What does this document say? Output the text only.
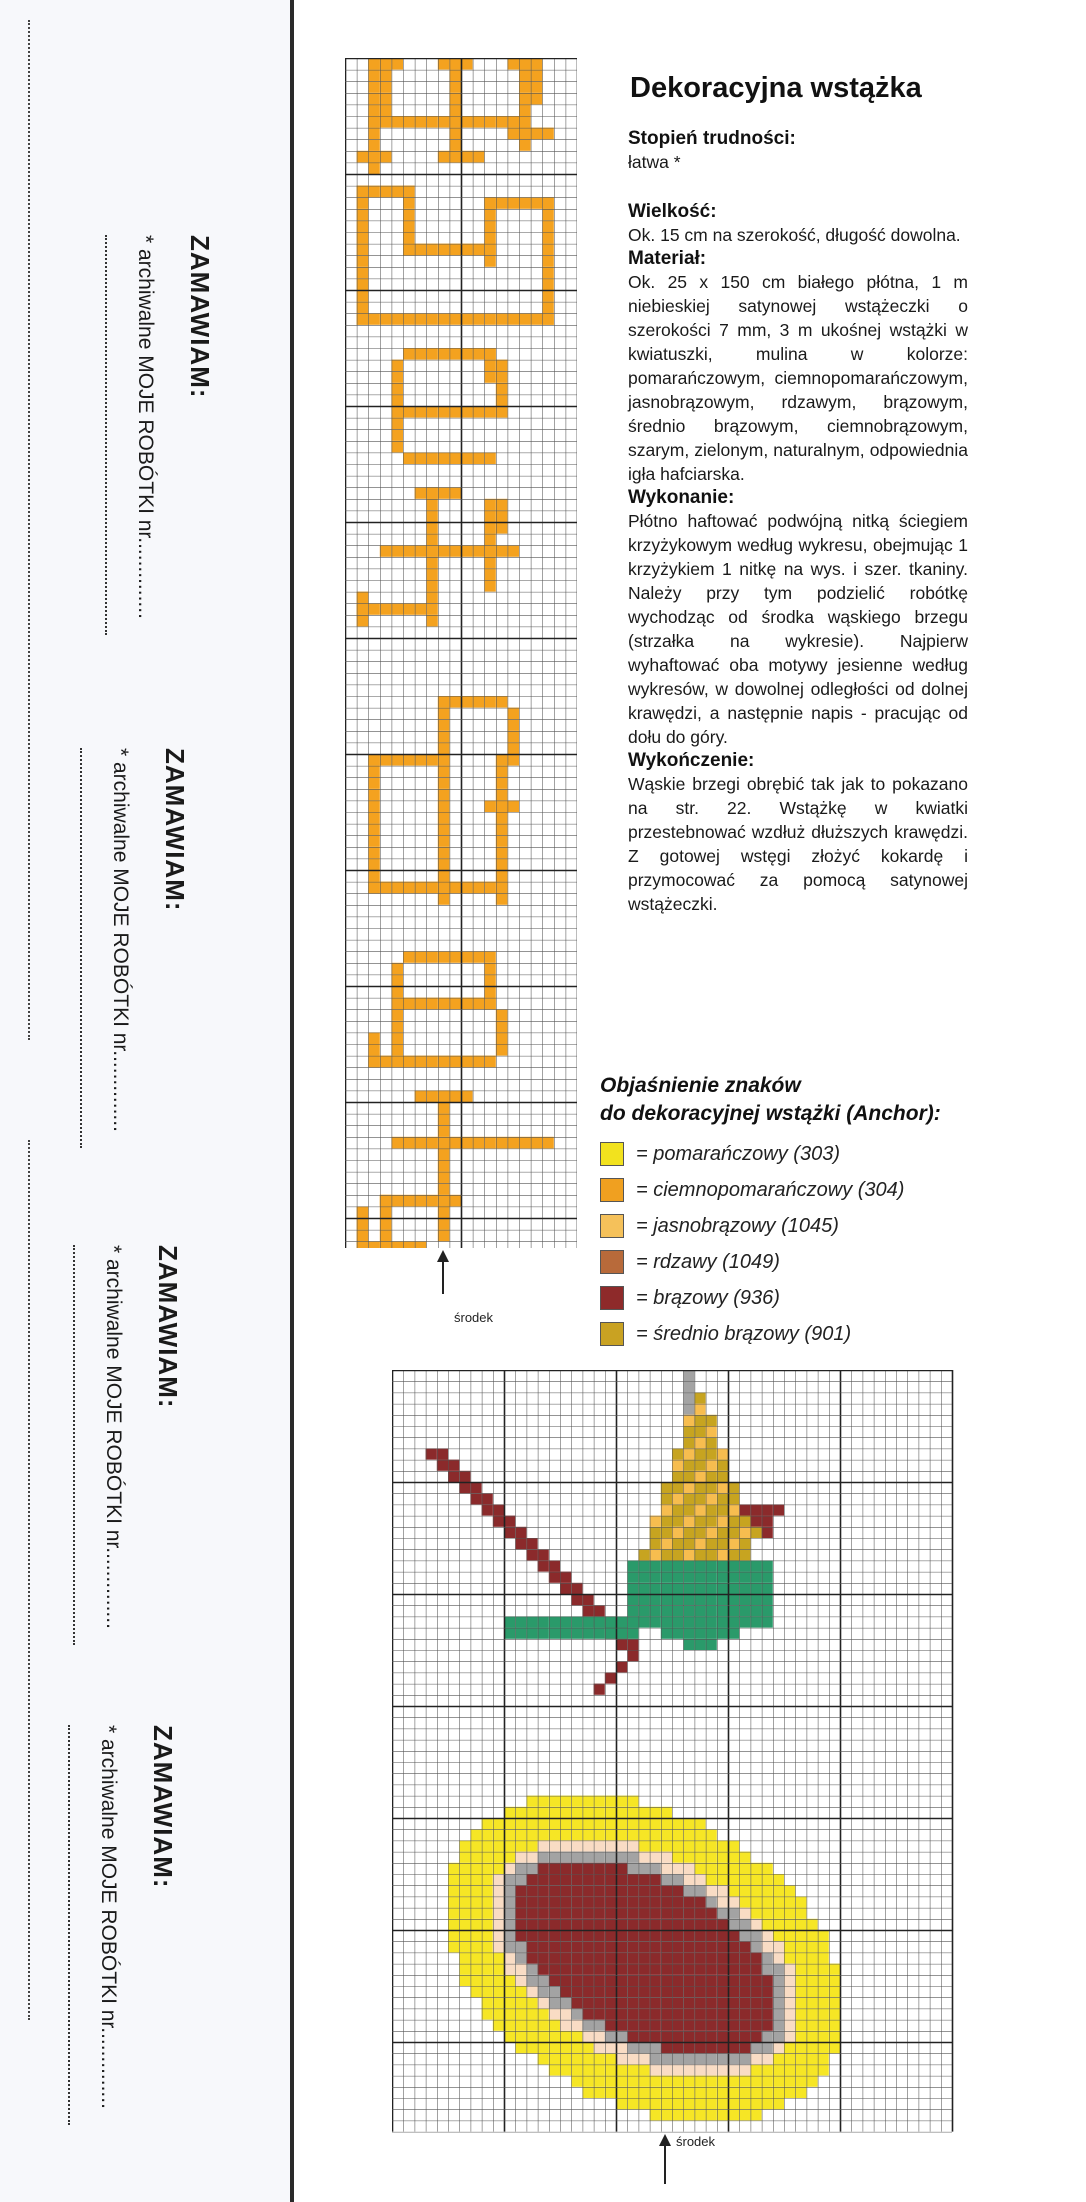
ZAMAWIAM:
* archiwalne MOJE ROBÓTKI nr..............
ZAMAWIAM:
* archiwalne MOJE ROBÓTKI nr..............
ZAMAWIAM:
* archiwalne MOJE ROBÓTKI nr..............
ZAMAWIAM:
* archiwalne MOJE ROBÓTKI nr..............
środek
środek
Dekoracyjna wstążka
Stopień trudności:
łatwa *
Wielkość:
Ok. 15 cm na szerokość, długość dowolna.
Materiał:
Ok. 25 x 150 cm białego płótna, 1 m niebieskiej satynowej wstążeczki o szerokości 7 mm, 3 m ukośnej wstążki w kwiatuszki, mulina w kolorze: pomarańczowym, ciemnopomarańczowym, jasnobrązowym, rdzawym, brązowym, średnio brązowym, ciemnobrązowym, szarym, zielonym, naturalnym, odpowiednia igła hafciarska.
Wykonanie:
Płótno haftować podwójną nitką ściegiem krzyżykowym według wykresu, obejmując 1 krzyżykiem 1 nitkę na wys. i szer. tkaniny. Należy przy tym podzielić robótkę wychodząc od środka wąskiego brzegu (strzałka na wykresie). Najpierw wyhaftować oba motywy jesienne według wykresów, w dowolnej odległości od dolnej krawędzi, a następnie napis - pracując od dołu do góry.
Wykończenie:
Wąskie brzegi obrębić tak jak to pokazano na str. 22. Wstążkę w kwiatki przestebnować wzdłuż dłuższych krawędzi. Z gotowej wstęgi złożyć kokardę i przymocować za pomocą satynowej wstążeczki.
Objaśnienie znaków
do dekoracyjnej wstążki (Anchor):
= pomarańczowy (303)
= ciemnopomarańczowy (304)
= jasnobrązowy (1045)
= rdzawy (1049)
= brązowy (936)
= średnio brązowy (901)
